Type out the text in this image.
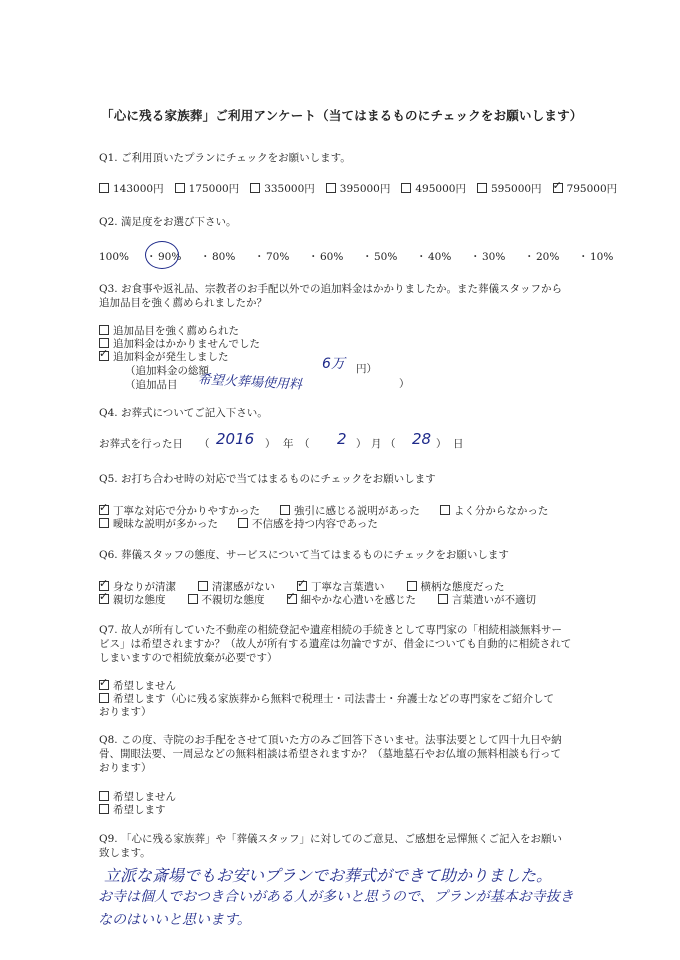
「心に残る家族葬」ご利用アンケート（当てはまるものにチェックをお願いします）
Q1. ご利用頂いたプランにチェックをお願いします。
143000円	175000円	335000円	395000円	495000円	595000円 ✓	795000円
Q2. 満足度をお選び下さい。
100%	・ 90%	・ 80%	・ 70%	・ 60%	・ 50%	・ 40%	・ 30%	・ 20%	・ 10%
Q3. お食事や返礼品、宗教者のお手配以外での追加料金はかかりましたか。また葬儀スタッフから
追加品目を強く薦められましたか？
追加品目を強く薦められた
追加料金はかかりませんでした
✓追加料金が発生しました
（追加料金の総額	6万 円）
（追加品目 希望火葬場使用料	）
Q4. お葬式についてご記入下さい。
お葬式を行った日 （ 2016 ） 年 （ 2 ） 月 （ 28 ） 日
Q5. お打ち合わせ時の対応で当てはまるものにチェックをお願いします
✓丁寧な対応で分かりやすかった	強引に感じる説明があった	よく分からなかった
曖昧な説明が多かった	不信感を持つ内容であった
Q6. 葬儀スタッフの態度、サービスについて当てはまるものにチェックをお願いします
✓身なりが清潔	清潔感がない ✓	丁寧な言葉遣い	横柄な態度だった
✓親切な態度	不親切な態度 ✓	細やかな心遣いを感じた	言葉遣いが不適切
Q7. 故人が所有していた不動産の相続登記や遺産相続の手続きとして専門家の「相続相談無料サー
ビス」は希望されますか？（故人が所有する遺産は勿論ですが、借金についても自動的に相続されて
しまいますので相続放棄が必要です）
✓希望しません
希望します（心に残る家族葬から無料で税理士・司法書士・弁護士などの専門家をご紹介して
おります）
Q8. この度、寺院のお手配をさせて頂いた方のみご回答下さいませ。法事法要として四十九日や納
骨、開眼法要、一周忌などの無料相談は希望されますか？（墓地墓石やお仏壇の無料相談も行って
おります）
希望しません
希望します
Q9. 「心に残る家族葬」や「葬儀スタッフ」に対してのご意見、ご感想を忌憚無くご記入をお願い
致します。
立派な斎場でもお安いプランでお葬式ができて助かりました。
お寺は個人でおつき合いがある人が多いと思うので、プランが基本お寺抜き
なのはいいと思います。
